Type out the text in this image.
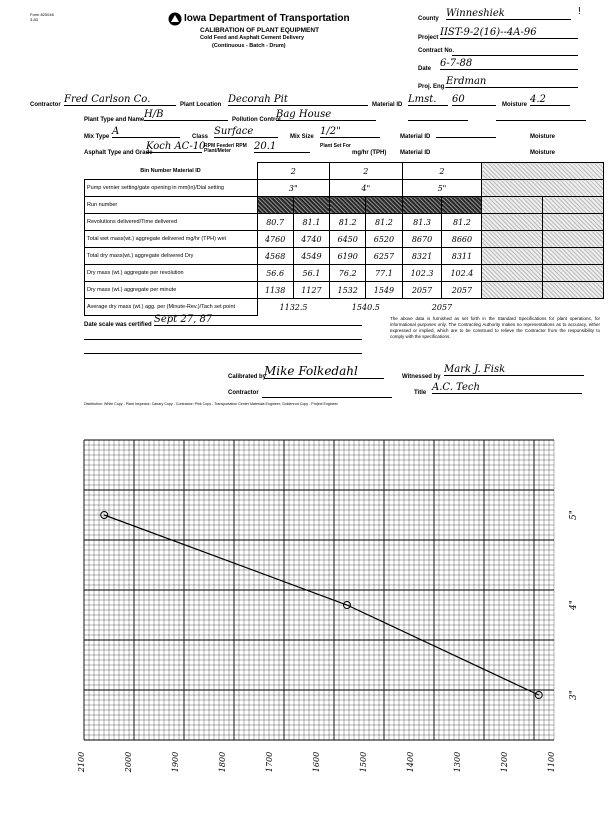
Form 820046
3-83	Iowa Department of Transportation
CALIBRATION OF PLANT EQUIPMENT
Cold Feed and Asphalt Cement Delivery
(Continuous - Batch - Drum)
!
County Winneshiek
Project IIST-9-2(16)--4A-96
Contract No.
Date 6-7-88
Proj. Eng. Erdman
Contractor Fred Carlson Co.	Plant Location Decorah Pit	Material ID Lmst.	60	Moisture 4.2
Plant Type and Name H/B	Pollution Control
Bag House
Mix Type A	Class Surface	Mix Size 1/2"	Material ID	Moisture
Asphalt Type and Grade
Koch AC-10
RPM Feeder/ RPM Plant/Meter	20.1	Plant Set For
mg/hr (TPH) Material ID	Moisture
Bin Number Material ID	2		2		2			
Pump vernier setting/gate opening in mm(in)/Dial setting	3"		4"		5"			
Run number								
Revolutions delivered/Time delivered	80.7	81.1	81.2	81.2	81.3	81.2		
Total wet mass(wt.) aggregate delivered mg/hr (TPH) wet	4760	4740	6450	6520	8670	8660		
Total dry mass(wt.) aggregate delivered Dry	4568	4549	6190	6257	8321	8311		
Dry mass (wt.) aggregate per revolution	56.6	56.1	76.2	77.1	102.3	102.4		
Dry mass (wt.) aggregate per minute	1138	1127	1532	1549	2057	2057		
Average dry mass (wt.) agg. per (Minute-Rev.)/Tach set point	1132.5		1540.5		2057			
Date scale was certified Sept 27, 87	The above data is furnished as set forth in the Standard Specifications for plant operations, for informational purposes only. The Contracting Authority makes no representations as to accuracy, either expressed or implied, which are to be construed to relieve the Contractor from the responsibility to comply with the specifications.
Calibrated by
Mike Folkedahl	Witnessed by
Mark J. Fisk
Contractor	Title A.C. Tech
Distribution: White Copy - Plant Inspector; Canary Copy - Contractor; Pink Copy - Transportation Center Materials Engineer; Goldenrod Copy - Project Engineer
2100	2000	1900	1800	1700	1600	1500	1400	1300	1200	1100
5"
4"
3"
